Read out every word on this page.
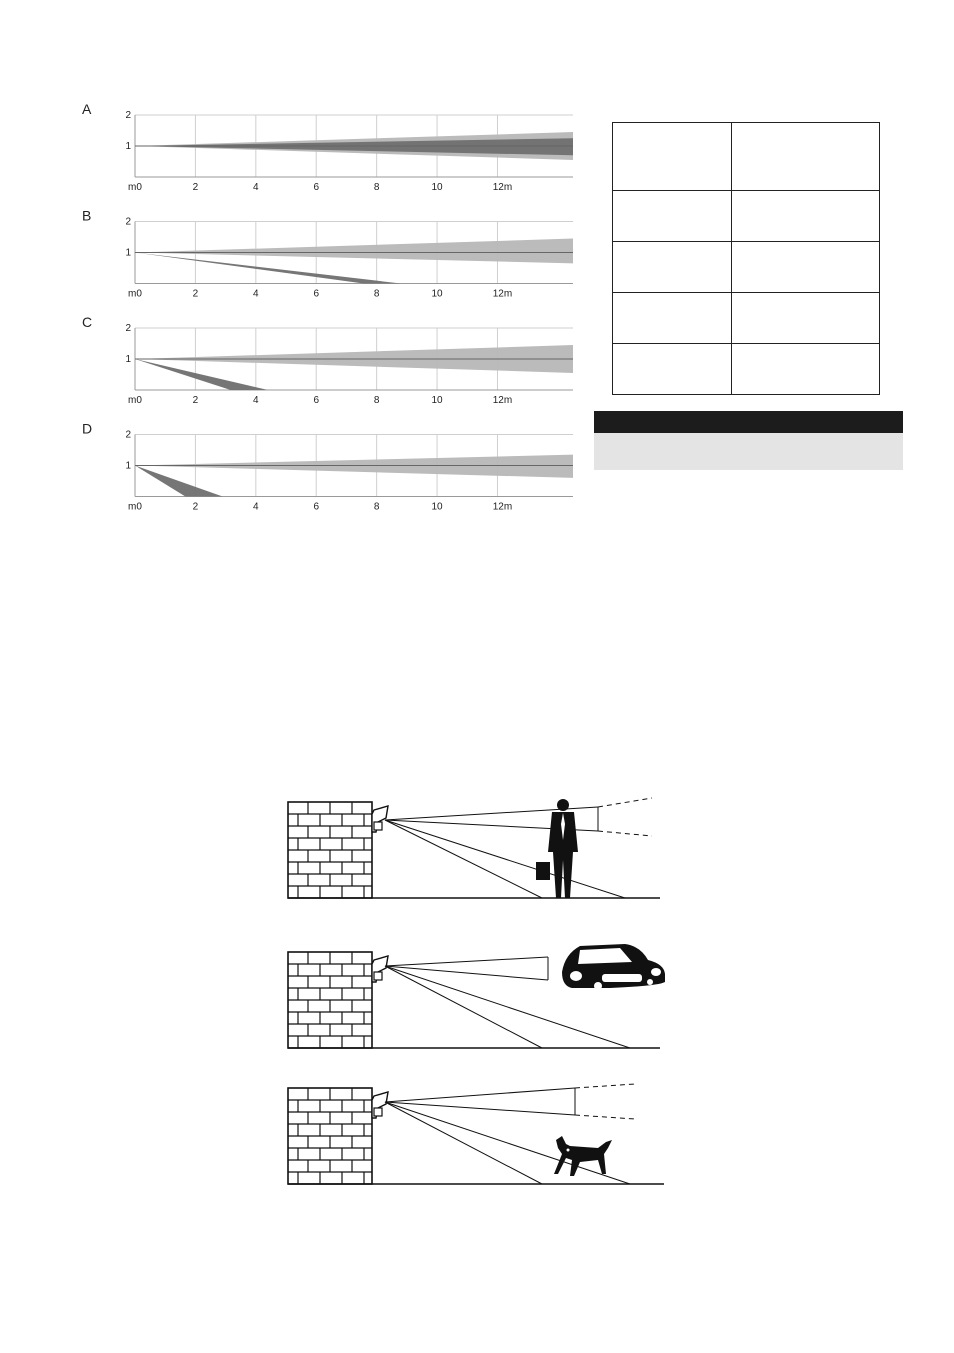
A
1
2
m0	2	4	6	8	10	12m
B
1
2
m0	2	4	6	8	10	12m
C
1
2
m0	2	4	6	8	10	12m
D
1
2
m0	2	4	6	8	10	12m
